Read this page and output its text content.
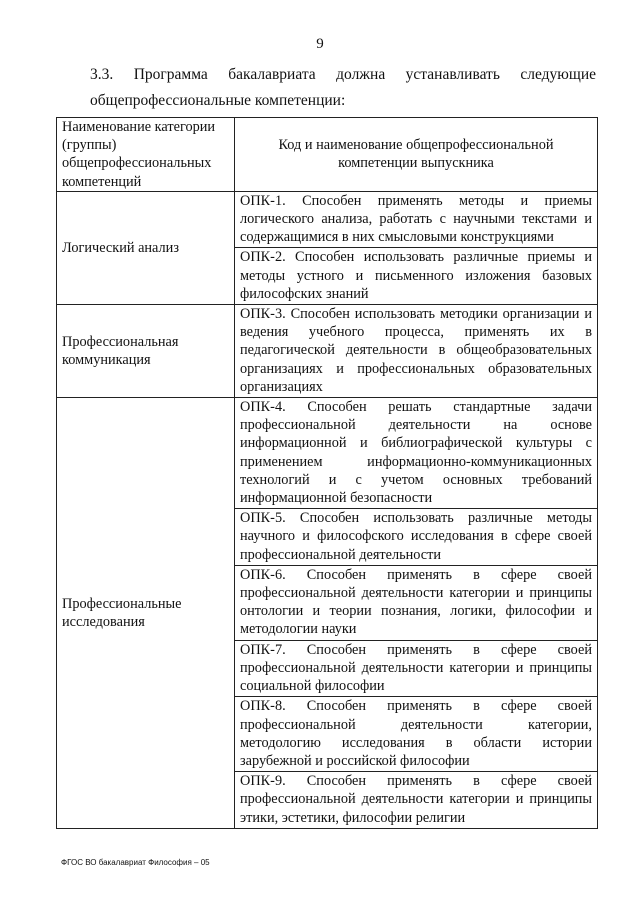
9
3.3. Программа бакалавриата должна устанавливать следующие
общепрофессиональные компетенции:
Наименование категории (группы) общепрофессиональных компетенций	Код и наименование общепрофессиональной компетенции выпускника
Логический анализ	ОПК-1. Способен применять методы и приемы логического анализа, работать с научными текстами и содержащимися в них смысловыми конструкциями
	ОПК-2. Способен использовать различные приемы и методы устного и письменного изложения базовых философских знаний
Профессиональная коммуникация	ОПК-3. Способен использовать методики организации и ведения учебного процесса, применять их в педагогической деятельности в общеобразовательных организациях и профессиональных образовательных организациях
Профессиональные исследования	ОПК-4. Способен решать стандартные задачи профессиональной деятельности на основе информационной и библиографической культуры с применением информационно-коммуникационных технологий и с учетом основных требований информационной безопасности
	ОПК-5. Способен использовать различные методы научного и философского исследования в сфере своей профессиональной деятельности
	ОПК-6. Способен применять в сфере своей профессиональной деятельности категории и принципы онтологии и теории познания, логики, философии и методологии науки
	ОПК-7. Способен применять в сфере своей профессиональной деятельности категории и принципы социальной философии
	ОПК-8. Способен применять в сфере своей профессиональной деятельности категории, методологию исследования в области истории зарубежной и российской философии
	ОПК-9. Способен применять в сфере своей профессиональной деятельности категории и принципы этики, эстетики, философии религии
ФГОС ВО бакалавриат Философия – 05
